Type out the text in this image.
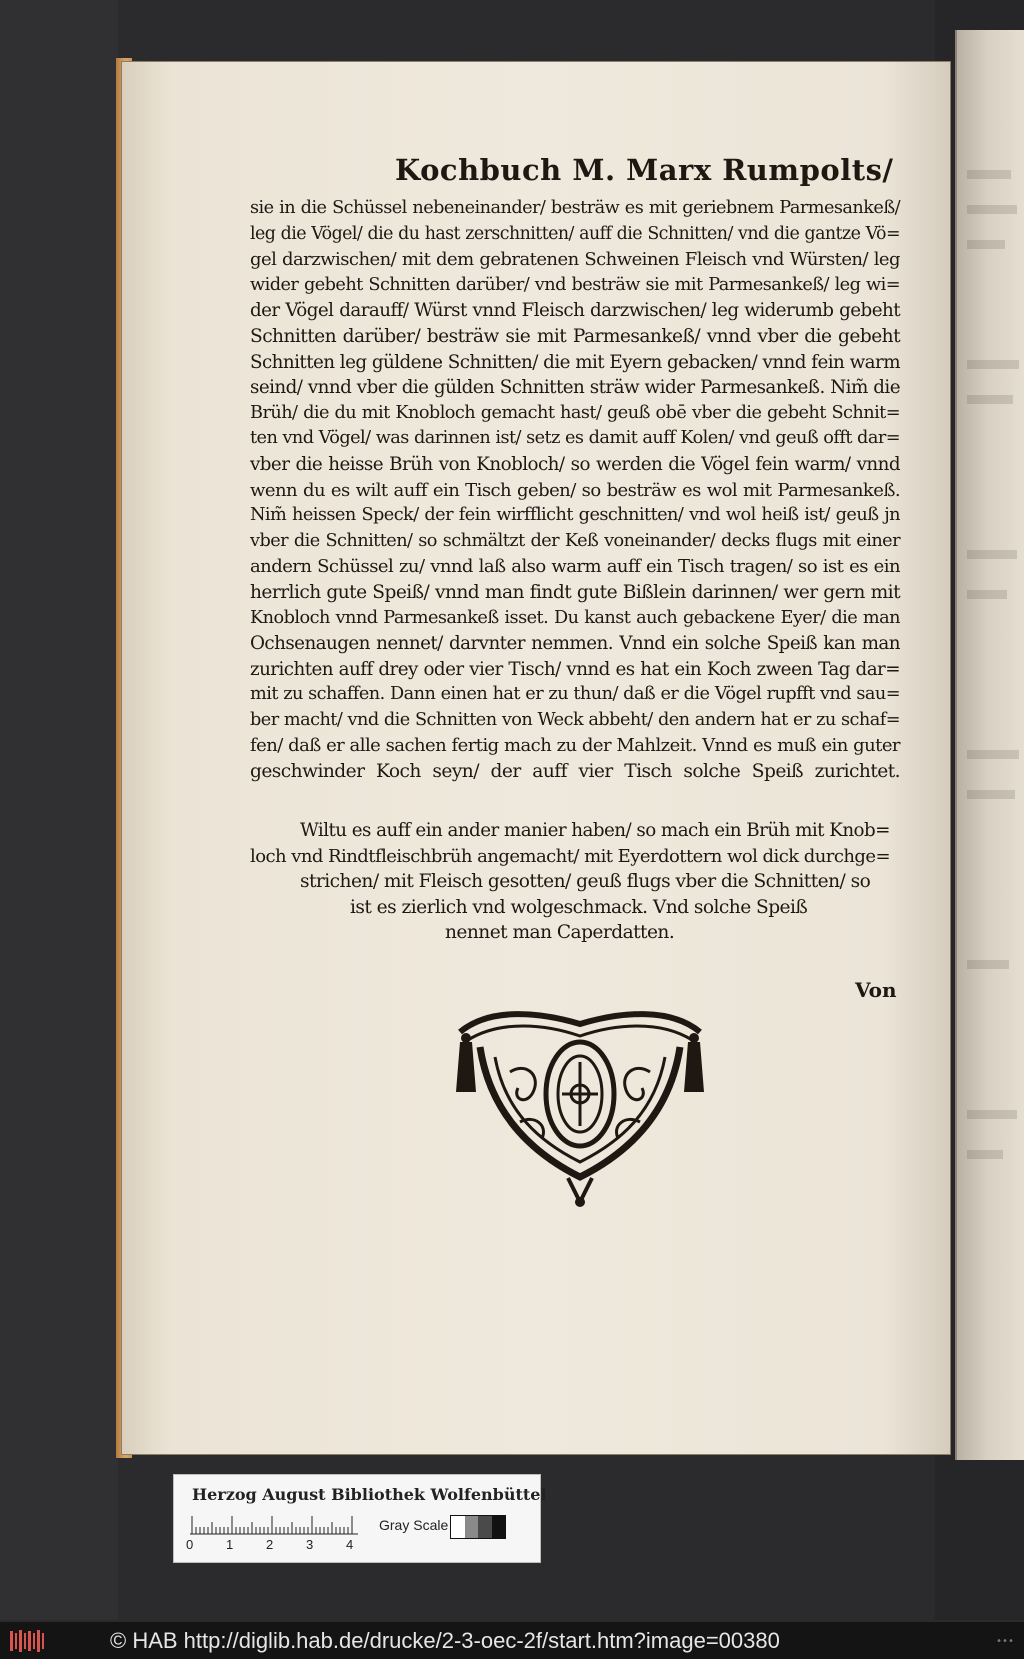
Kochbuch M. Marx Rumpolts/

sie in die Schüssel nebeneinander/ besträw es mit geriebnem Parmesankeß/

leg die Vögel/ die du hast zerschnitten/ auff die Schnitten/ vnd die gantze Vö=

gel darzwischen/ mit dem gebratenen Schweinen Fleisch vnd Würsten/ leg

wider gebeht Schnitten darüber/ vnd besträw sie mit Parmesankeß/ leg wi=

der Vögel darauff/ Würst vnnd Fleisch darzwischen/ leg widerumb gebeht

Schnitten darüber/ besträw sie mit Parmesankeß/ vnnd vber die gebeht

Schnitten leg güldene Schnitten/ die mit Eyern gebacken/ vnnd fein warm

seind/ vnnd vber die gülden Schnitten sträw wider Parmesankeß. Nim̃ die

Brüh/ die du mit Knobloch gemacht hast/ geuß obē vber die gebeht Schnit=

ten vnd Vögel/ was darinnen ist/ setz es damit auff Kolen/ vnd geuß offt dar=

vber die heisse Brüh von Knobloch/ so werden die Vögel fein warm/ vnnd

wenn du es wilt auff ein Tisch geben/ so besträw es wol mit Parmesankeß.

Nim̃ heissen Speck/ der fein wirfflicht geschnitten/ vnd wol heiß ist/ geuß jn

vber die Schnitten/ so schmältzt der Keß voneinander/ decks flugs mit einer

andern Schüssel zu/ vnnd laß also warm auff ein Tisch tragen/ so ist es ein

herrlich gute Speiß/ vnnd man findt gute Bißlein darinnen/ wer gern mit

Knobloch vnnd Parmesankeß isset. Du kanst auch gebackene Eyer/ die man

Ochsenaugen nennet/ darvnter nemmen. Vnnd ein solche Speiß kan man

zurichten auff drey oder vier Tisch/ vnnd es hat ein Koch zween Tag dar=

mit zu schaffen. Dann einen hat er zu thun/ daß er die Vögel rupfft vnd sau=

ber macht/ vnd die Schnitten von Weck abbeht/ den andern hat er zu schaf=

fen/ daß er alle sachen fertig mach zu der Mahlzeit. Vnnd es muß ein guter

geschwinder Koch seyn/ der auff vier Tisch solche Speiß zurichtet.

Wiltu es auff ein ander manier haben/ so mach ein Brüh mit Knob=

loch vnd Rindtfleischbrüh angemacht/ mit Eyerdottern wol dick durchge=

strichen/ mit Fleisch gesotten/ geuß flugs vber die Schnitten/ so

ist es zierlich vnd wolgeschmack. Vnd solche Speiß

nennet man Caperdatten.

Von
Herzog August Bibliothek Wolfenbüttel
0	1	2	3	4
Gray Scale
© HAB http://diglib.hab.de/drucke/2-3-oec-2f/start.htm?image=00380	•••
